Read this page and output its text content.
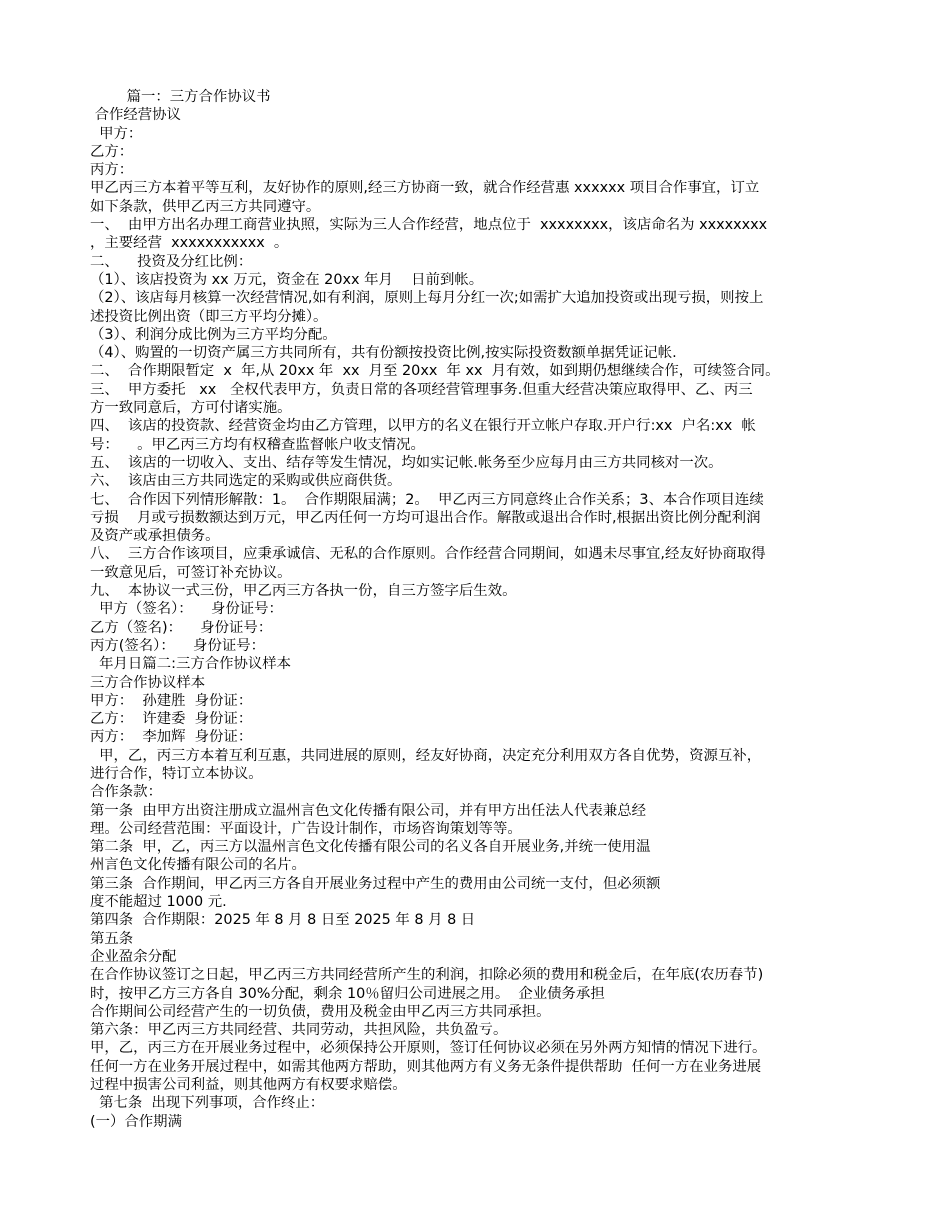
篇一：三方合作协议书
合作经营协议
甲方：
乙方：
丙方：
甲乙丙三方本着平等互利，友好协作的原则,经三方协商一致，就合作经营惠 xxxxxx 项目合作事宜，订立
如下条款，供甲乙丙三方共同遵守。
一、  由甲方出名办理工商营业执照，实际为三人合作经营，地点位于  xxxxxxxx，该店命名为 xxxxxxxx
，主要经营  xxxxxxxxxxx  。
二、    投资及分红比例：
（1）、该店投资为 xx 万元，资金在 20xx 年月    日前到帐。
（2）、该店每月核算一次经营情况,如有利润，原则上每月分红一次;如需扩大追加投资或出现亏损，则按上
述投资比例出资（即三方平均分摊）。
（3）、利润分成比例为三方平均分配。
（4）、购置的一切资产属三方共同所有，共有份额按投资比例,按实际投资数额单据凭证记帐.
二、  合作期限暂定  x  年,从 20xx 年  xx  月至 20xx  年 xx  月有效，如到期仍想继续合作，可续签合同。
三、  甲方委托   xx   全权代表甲方，负责日常的各项经营管理事务.但重大经营决策应取得甲、乙、丙三
方一致同意后，方可付诸实施。
四、  该店的投资款、经营资金均由乙方管理，以甲方的名义在银行开立帐户存取.开户行:xx  户名:xx  帐
号：    。甲乙丙三方均有权稽查监督帐户收支情况。
五、  该店的一切收入、支出、结存等发生情况，均如实记帐.帐务至少应每月由三方共同核对一次。
六、  该店由三方共同选定的采购或供应商供货。
七、  合作因下列情形解散：1。  合作期限届满；2。  甲乙丙三方同意终止合作关系；3、本合作项目连续
亏损    月或亏损数额达到万元，甲乙丙任何一方均可退出合作。解散或退出合作时,根据出资比例分配利润
及资产或承担债务。
八、  三方合作该项目，应秉承诚信、无私的合作原则。合作经营合同期间，如遇未尽事宜,经友好协商取得
一致意见后，可签订补充协议。
九、  本协议一式三份，甲乙丙三方各执一份，自三方签字后生效。
甲方（签名）：    身份证号：
乙方（签名)：    身份证号：
丙方(签名）：    身份证号：
年月日篇二:三方合作协议样本
三方合作协议样本
甲方：  孙建胜  身份证：
乙方：  许建委  身份证：
丙方：  李加辉  身份证：
甲，乙，丙三方本着互利互惠，共同进展的原则，经友好协商，决定充分利用双方各自优势，资源互补，
进行合作，特订立本协议。
合作条款：
第一条  由甲方出资注册成立温州言色文化传播有限公司，并有甲方出任法人代表兼总经
理。公司经营范围：平面设计，广告设计制作，市场咨询策划等等。
第二条  甲，乙，丙三方以温州言色文化传播有限公司的名义各自开展业务,并统一使用温
州言色文化传播有限公司的名片。
第三条  合作期间，甲乙丙三方各自开展业务过程中产生的费用由公司统一支付，但必须额
度不能超过 1000 元.
第四条  合作期限：2025 年 8 月 8 日至 2025 年 8 月 8 日
第五条
企业盈余分配
在合作协议签订之日起，甲乙丙三方共同经营所产生的利润，扣除必须的费用和税金后，在年底(农历春节)
时，按甲乙方三方各自 30%分配，剩余 10％留归公司进展之用。  企业债务承担
合作期间公司经营产生的一切负债，费用及税金由甲乙丙三方共同承担。
第六条：甲乙丙三方共同经营、共同劳动，共担风险，共负盈亏。
甲，乙，丙三方在开展业务过程中，必须保持公开原则，签订任何协议必须在另外两方知情的情况下进行。
任何一方在业务开展过程中，如需其他两方帮助，则其他两方有义务无条件提供帮助  任何一方在业务进展
过程中损害公司利益，则其他两方有权要求赔偿。
第七条  出现下列事项，合作终止：
(一）合作期满
